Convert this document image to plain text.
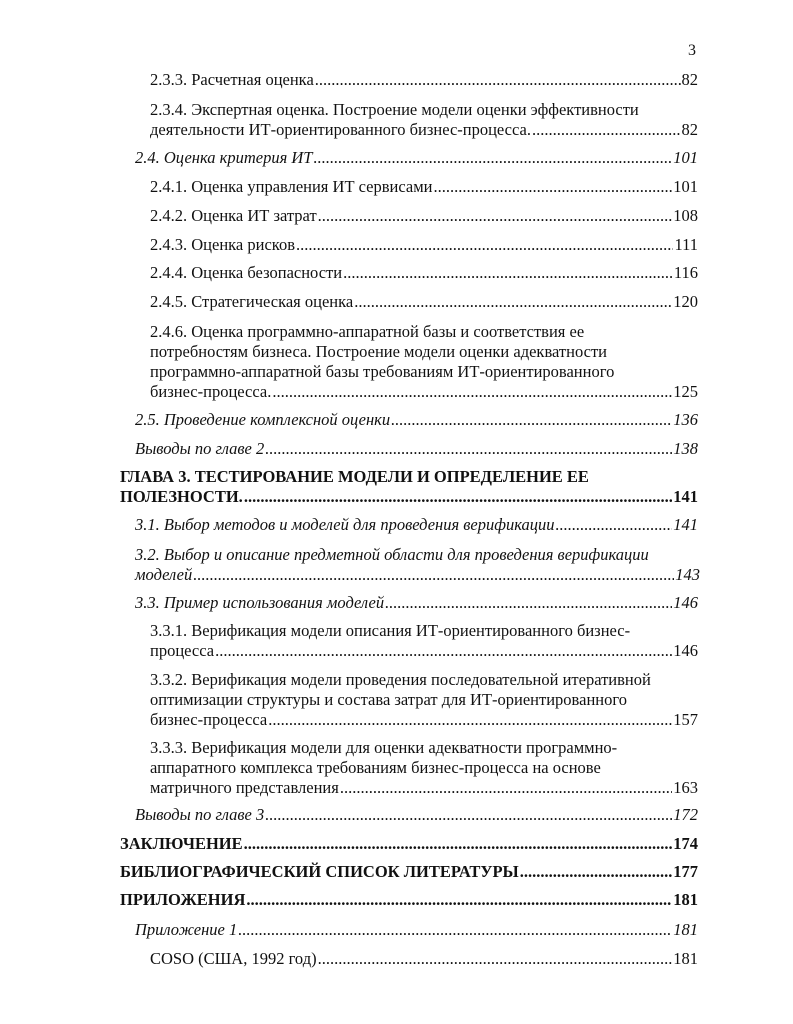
3
2.3.3. Расчетная оценка .....	82
2.3.4. Экспертная оценка. Построение модели оценки эффективности
деятельности ИТ-ориентированного бизнес-процесса. .....	82
2.4. Оценка критерия ИТ .....	101
2.4.1. Оценка управления ИТ сервисами .....	101
2.4.2. Оценка ИТ затрат .....	108
2.4.3. Оценка рисков .....	111
2.4.4. Оценка безопасности .....	116
2.4.5. Стратегическая оценка .....	120
2.4.6. Оценка программно-аппаратной базы и соответствия ее
потребностям бизнеса. Построение модели оценки адекватности
программно-аппаратной базы требованиям ИТ-ориентированного
бизнес-процесса. .....	125
2.5. Проведение комплексной оценки .....	136
Выводы по главе 2 .....	138
ГЛАВА 3. ТЕСТИРОВАНИЕ МОДЕЛИ И ОПРЕДЕЛЕНИЕ ЕЕ
ПОЛЕЗНОСТИ. .....	141
3.1. Выбор методов и моделей для проведения верификации .....	141
3.2. Выбор и описание предметной области для проведения верификации
моделей .....	143
3.3. Пример использования моделей .....	146
3.3.1. Верификация модели описания ИТ-ориентированного бизнес-
процесса .....	146
3.3.2. Верификация модели проведения последовательной итеративной
оптимизации структуры и состава затрат для ИТ-ориентированного
бизнес-процесса .....	157
3.3.3. Верификация модели для оценки адекватности программно-
аппаратного комплекса требованиям бизнес-процесса на основе
матричного представления .....	163
Выводы по главе 3 .....	172
ЗАКЛЮЧЕНИЕ .....	174
БИБЛИОГРАФИЧЕСКИЙ СПИСОК ЛИТЕРАТУРЫ .....	177
ПРИЛОЖЕНИЯ .....	181
Приложение 1 .....	181
COSO (США, 1992 год) .....	181
